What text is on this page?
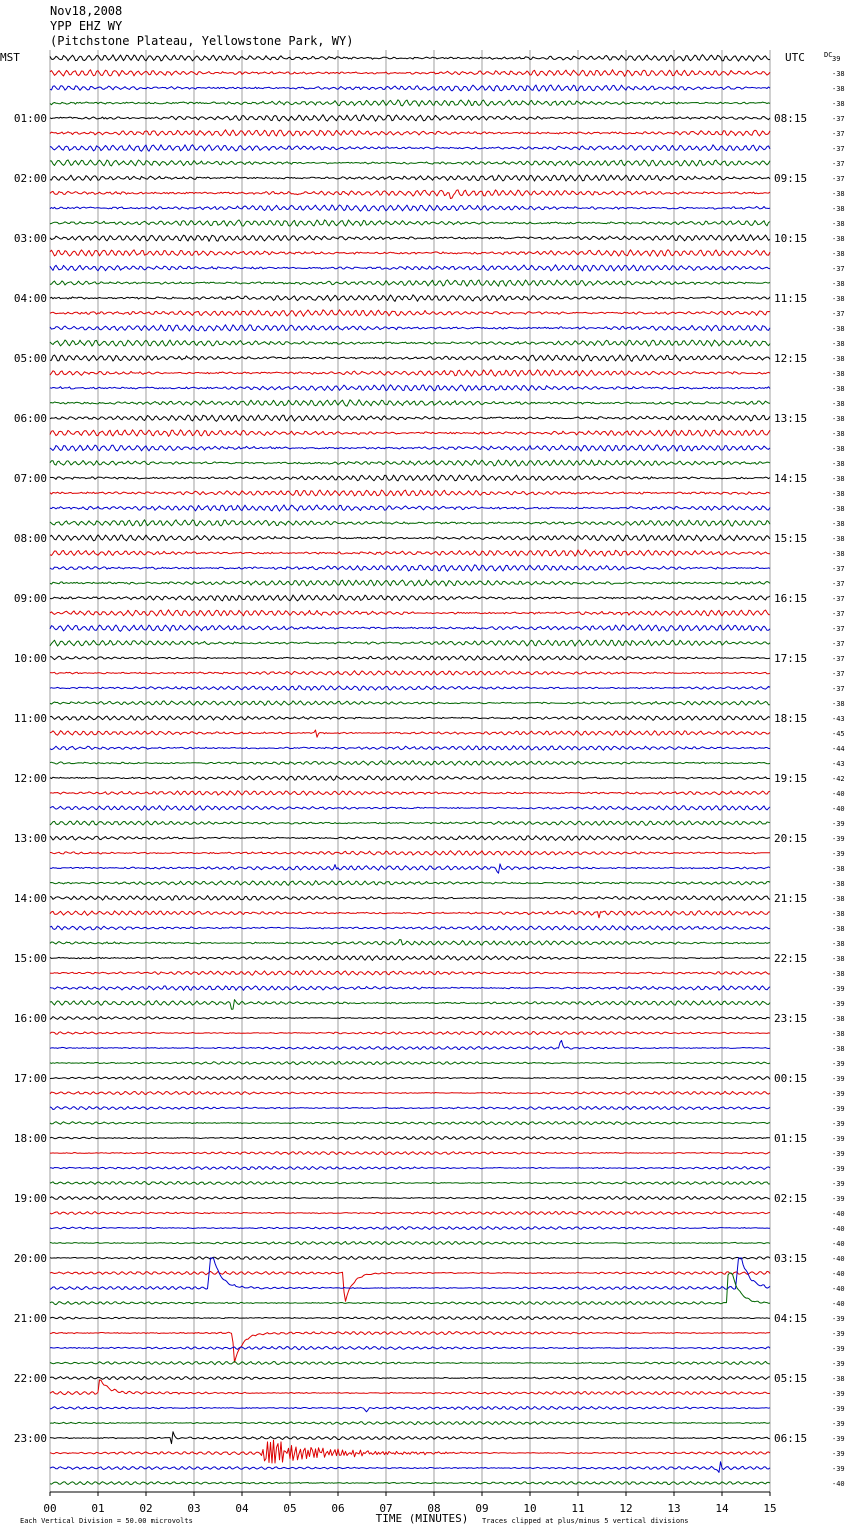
Nov18,2008
YPP EHZ WY
(Pitchstone Plateau, Yellowstone Park, WY)
39
-38
-38
-38
-37
-37
-37
-37
-37
-38
-38
-38
-38
-38
-37
-38
-38
-37
-38
-38
-38
-38
-38
-38
-38
-38
-38
-38
-38
-38
-38
-38
-38
-38
-37
-37
-37
-37
-37
-37
-37
-37
-37
-38
-43
-45
-44
-43
-42
-40
-40
-39
-39
-39
-38
-38
-38
-38
-38
-38
-38
-38
-39
-39
-38
-38
-38
-39
-39
-39
-39
-39
-39
-39
-39
-39
-39
-40
-40
-40
-40
-40
-40
-40
-39
-39
-39
-39
-38
-39
-39
-39
-39
-39
-39
-40
01:00
02:00
03:00
04:00
05:00
06:00
07:00
08:00
09:00
10:00
11:00
12:00
13:00
14:00
15:00
16:00
17:00
18:00
19:00
20:00
21:00
22:00
23:00
08:15
09:15
10:15
11:15
12:15
13:15
14:15
15:15
16:15
17:15
18:15
19:15
20:15
21:15
22:15
23:15
00:15
01:15
02:15
03:15
04:15
05:15
06:15
MST	UTC	DC
00	01	02	03	04	05	06	07	08	09	10	11	12	13	14	15
TIME (MINUTES)
Each Vertical Division = 50.00 microvolts	Traces clipped at plus/minus 5 vertical divisions
